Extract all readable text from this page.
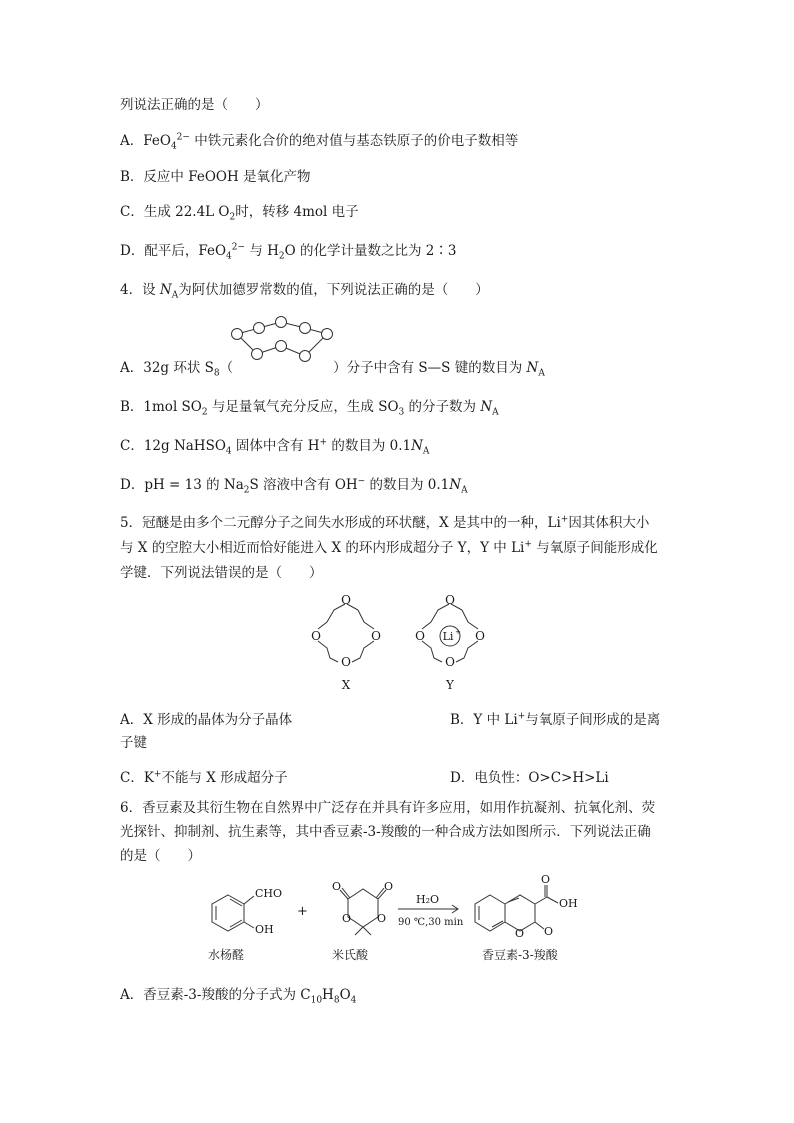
列说法正确的是（　　）
A．FeO$_4^{2-}$ 中铁元素化合价的绝对值与基态铁原子的价电子数相等
B．反应中 FeOOH 是氧化产物
C．生成 22.4L $O_2$时，转移 4mol 电子
D．配平后，FeO$_4^{2-}$ 与 $H_2O$ 的化学计量数之比为 2∶3
4．设 $N_A$为阿伏加德罗常数的值，下列说法正确的是（　　）
A．32g 环状 $S_8$（	）分子中含有 S—S 键的数目为 $N_A$
B．1mol $SO_2$ 与足量氧气充分反应，生成 $SO_3$ 的分子数为 $N_A$
C．12g NaHSO$_4$ 固体中含有 H+ 的数目为 $0.1N_A$
D．pH = 13 的 $Na_2S$ 溶液中含有 OH− 的数目为 $0.1N_A$
5．冠醚是由多个二元醇分子之间失水形成的环状醚，X 是其中的一种，Li+因其体积大小
与 X 的空腔大小相近而恰好能进入 X 的环内形成超分子 Y，Y 中 Li+ 与氧原子间能形成化
学键．下列说法错误的是（　　）
O
O	O
O
X
O
O	O
O
Li +
Y
A．X 形成的晶体为分子晶体	B．Y 中 Li+与氧原子间形成的是离
子键
C．K+不能与 X 形成超分子	D．电负性：O>C>H>Li
6．香豆素及其衍生物在自然界中广泛存在并具有许多应用，如用作抗凝剂、抗氧化剂、荧
光探针、抑制剂、抗生素等，其中香豆素-3-羧酸的一种合成方法如图所示．下列说法正确
的是（　　）
CHO
OH
+
O	O
O O
H₂O
90 ℃,30 min
O
OH
O O
水杨醛	米氏酸	香豆素-3-羧酸
A．香豆素-3-羧酸的分子式为 $C_{10}H_8O_4$
